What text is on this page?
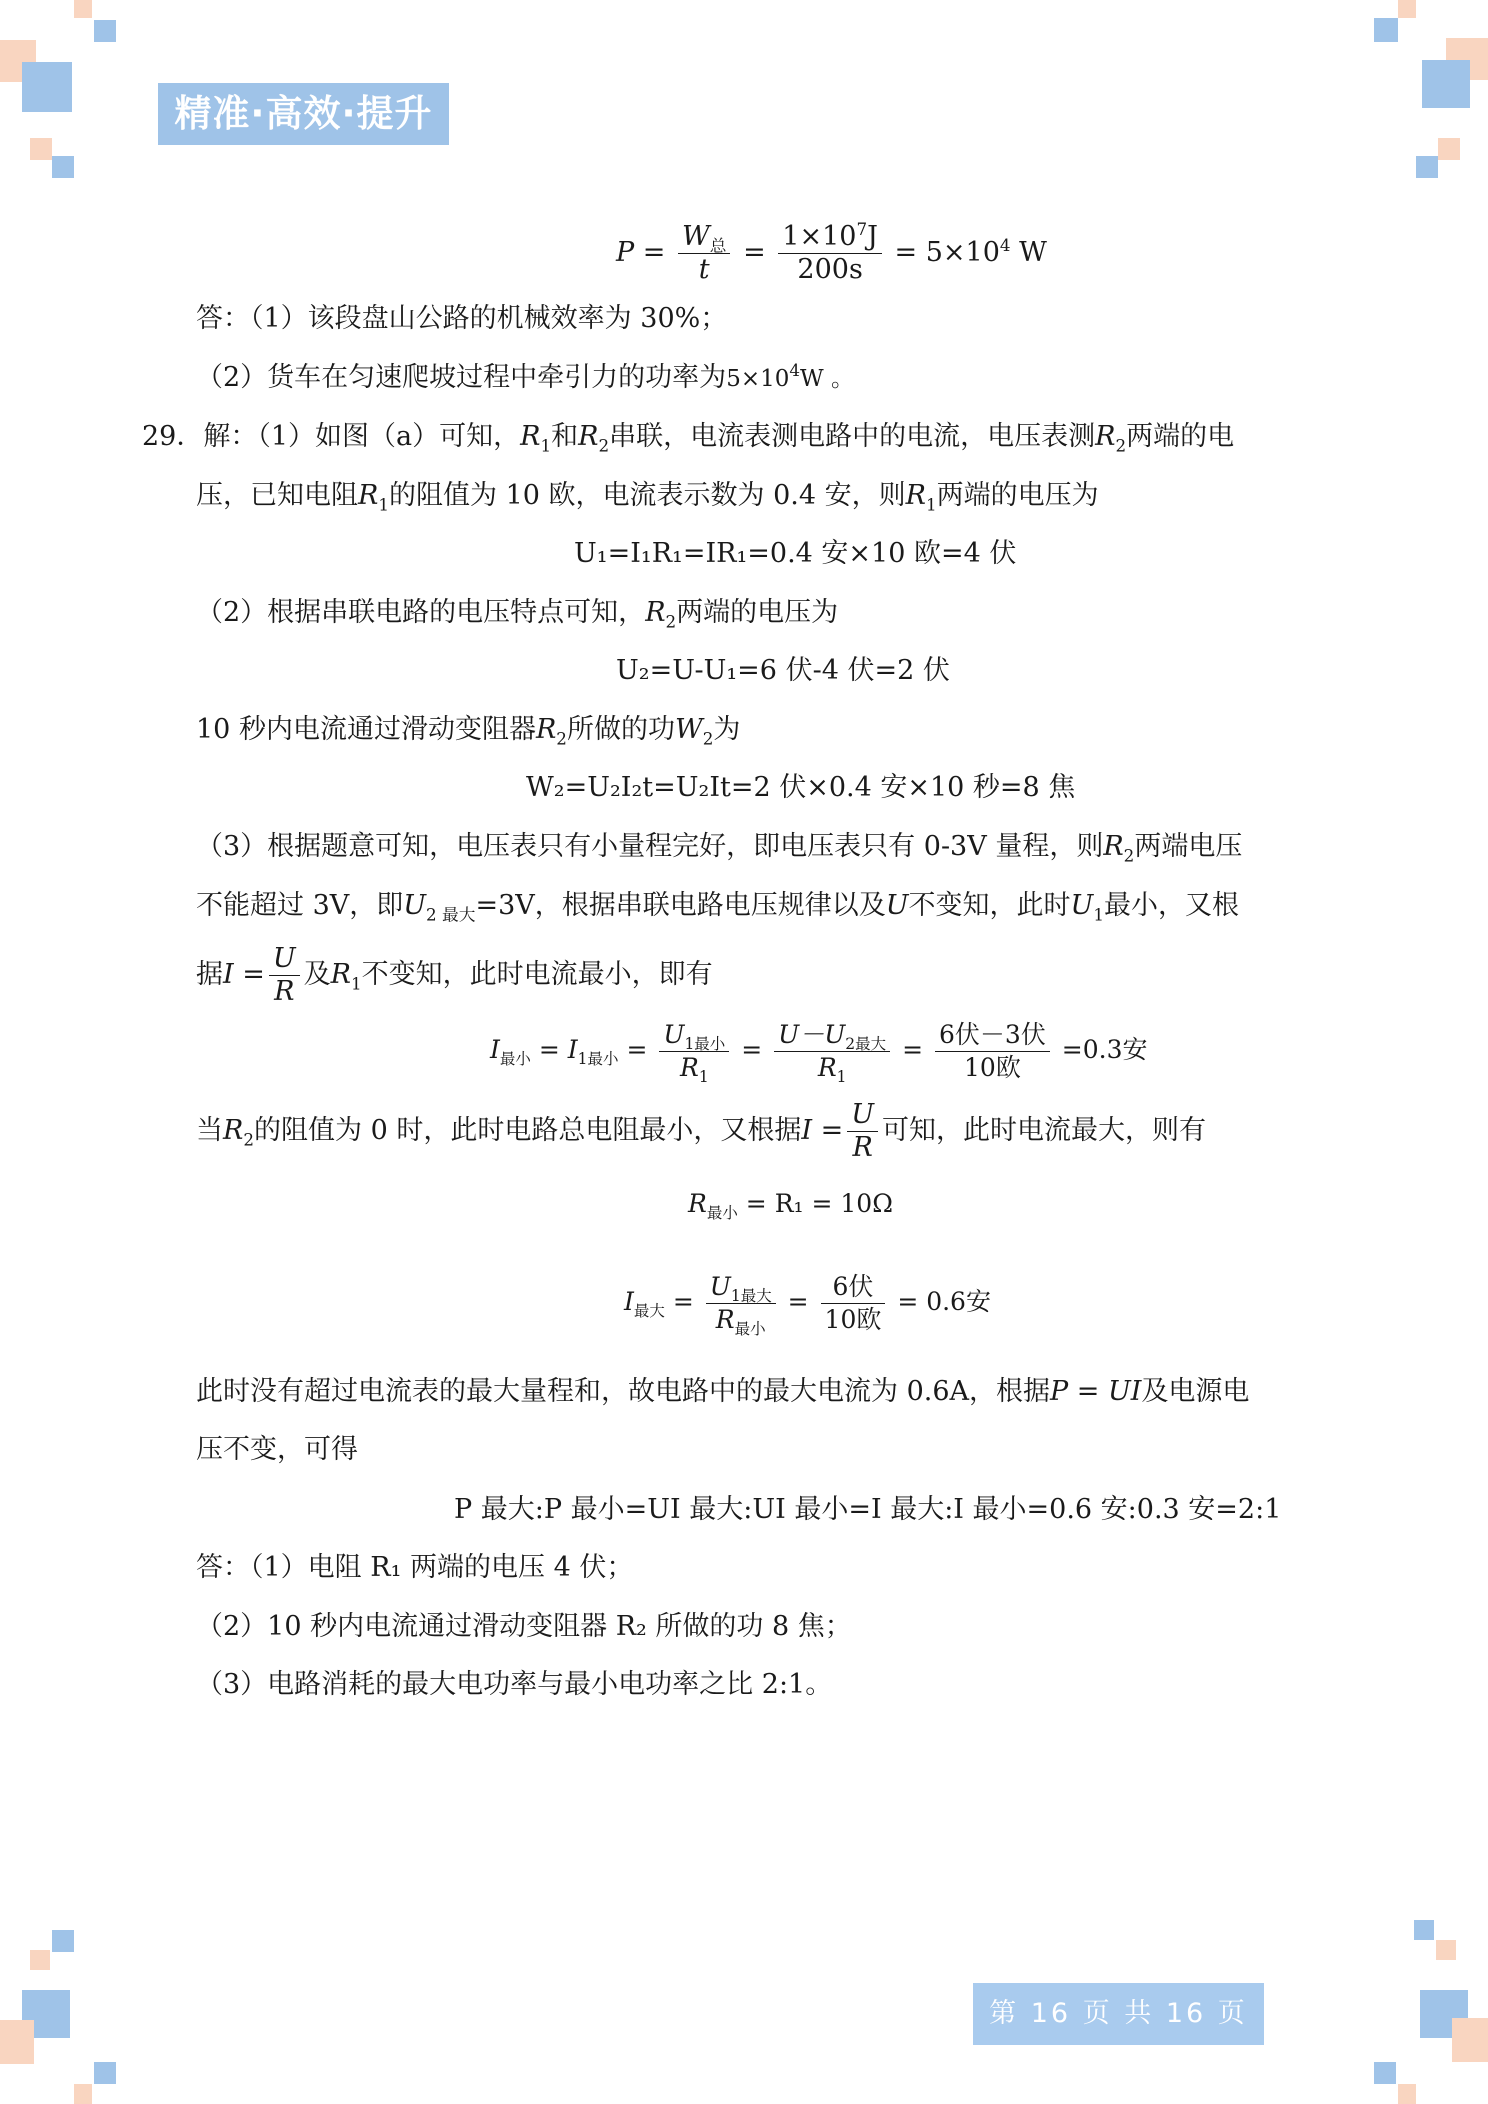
精准·高效·提升
$P = \frac{W_总}{t} = \frac{1\times 10^7J}{200s} = 5\times 10^4$ W
答：（1）该段盘山公路的机械效率为 30%；
（2）货车在匀速爬坡过程中牵引力的功率为$5\times 10^4W$ 。
29．解：（1）如图（a）可知，$R_1$和$R_2$串联，电流表测电路中的电流，电压表测$R_2$两端的电
压，已知电阻$R_1$的阻值为 10 欧，电流表示数为 0.4 安，则$R_1$两端的电压为
U₁=I₁R₁=IR₁=0.4 安×10 欧=4 伏
（2）根据串联电路的电压特点可知，$R_2$两端的电压为
U₂=U-U₁=6 伏-4 伏=2 伏
10 秒内电流通过滑动变阻器$R_2$所做的功$W_2$为
W₂=U₂I₂t=U₂It=2 伏×0.4 安×10 秒=8 焦
（3）根据题意可知，电压表只有小量程完好，即电压表只有 0-3V 量程，则$R_2$两端电压
不能超过 3V，即$U_{2 最大}=3V$，根据串联电路电压规律以及U不变知，此时$U_1$最小，又根
据$I = \frac{U}{R}$ 及$R_1$不变知，此时电流最小，即有
$I_{最小} = I_{1最小} = \frac{U_{1最小}}{R_1} = \frac{U-U_{2最大}}{R_1} = \frac{\text{6伏－3伏}}{\text{10欧}} =0.3$安
当$R_2$的阻值为 0 时，此时电路总电阻最小，又根据$I = \frac{U}{R}$ 可知，此时电流最大，则有
$R_{最小} = R_1 = 10\Omega$
$I_{最大} = \frac{U_{1最大}}{R_{最小}} = \frac{\text{6伏}}{\text{10欧}} = 0.6$安
此时没有超过电流表的最大量程和，故电路中的最大电流为 0.6A，根据P = UI及电源电
压不变，可得
P 最大:P 最小=UI 最大:UI 最小=I 最大:I 最小=0.6 安:0.3 安=2:1
答：（1）电阻 R₁ 两端的电压 4 伏；
（2）10 秒内电流通过滑动变阻器 R₂ 所做的功 8 焦；
（3）电路消耗的最大电功率与最小电功率之比 2:1。
第 16 页 共 16 页
